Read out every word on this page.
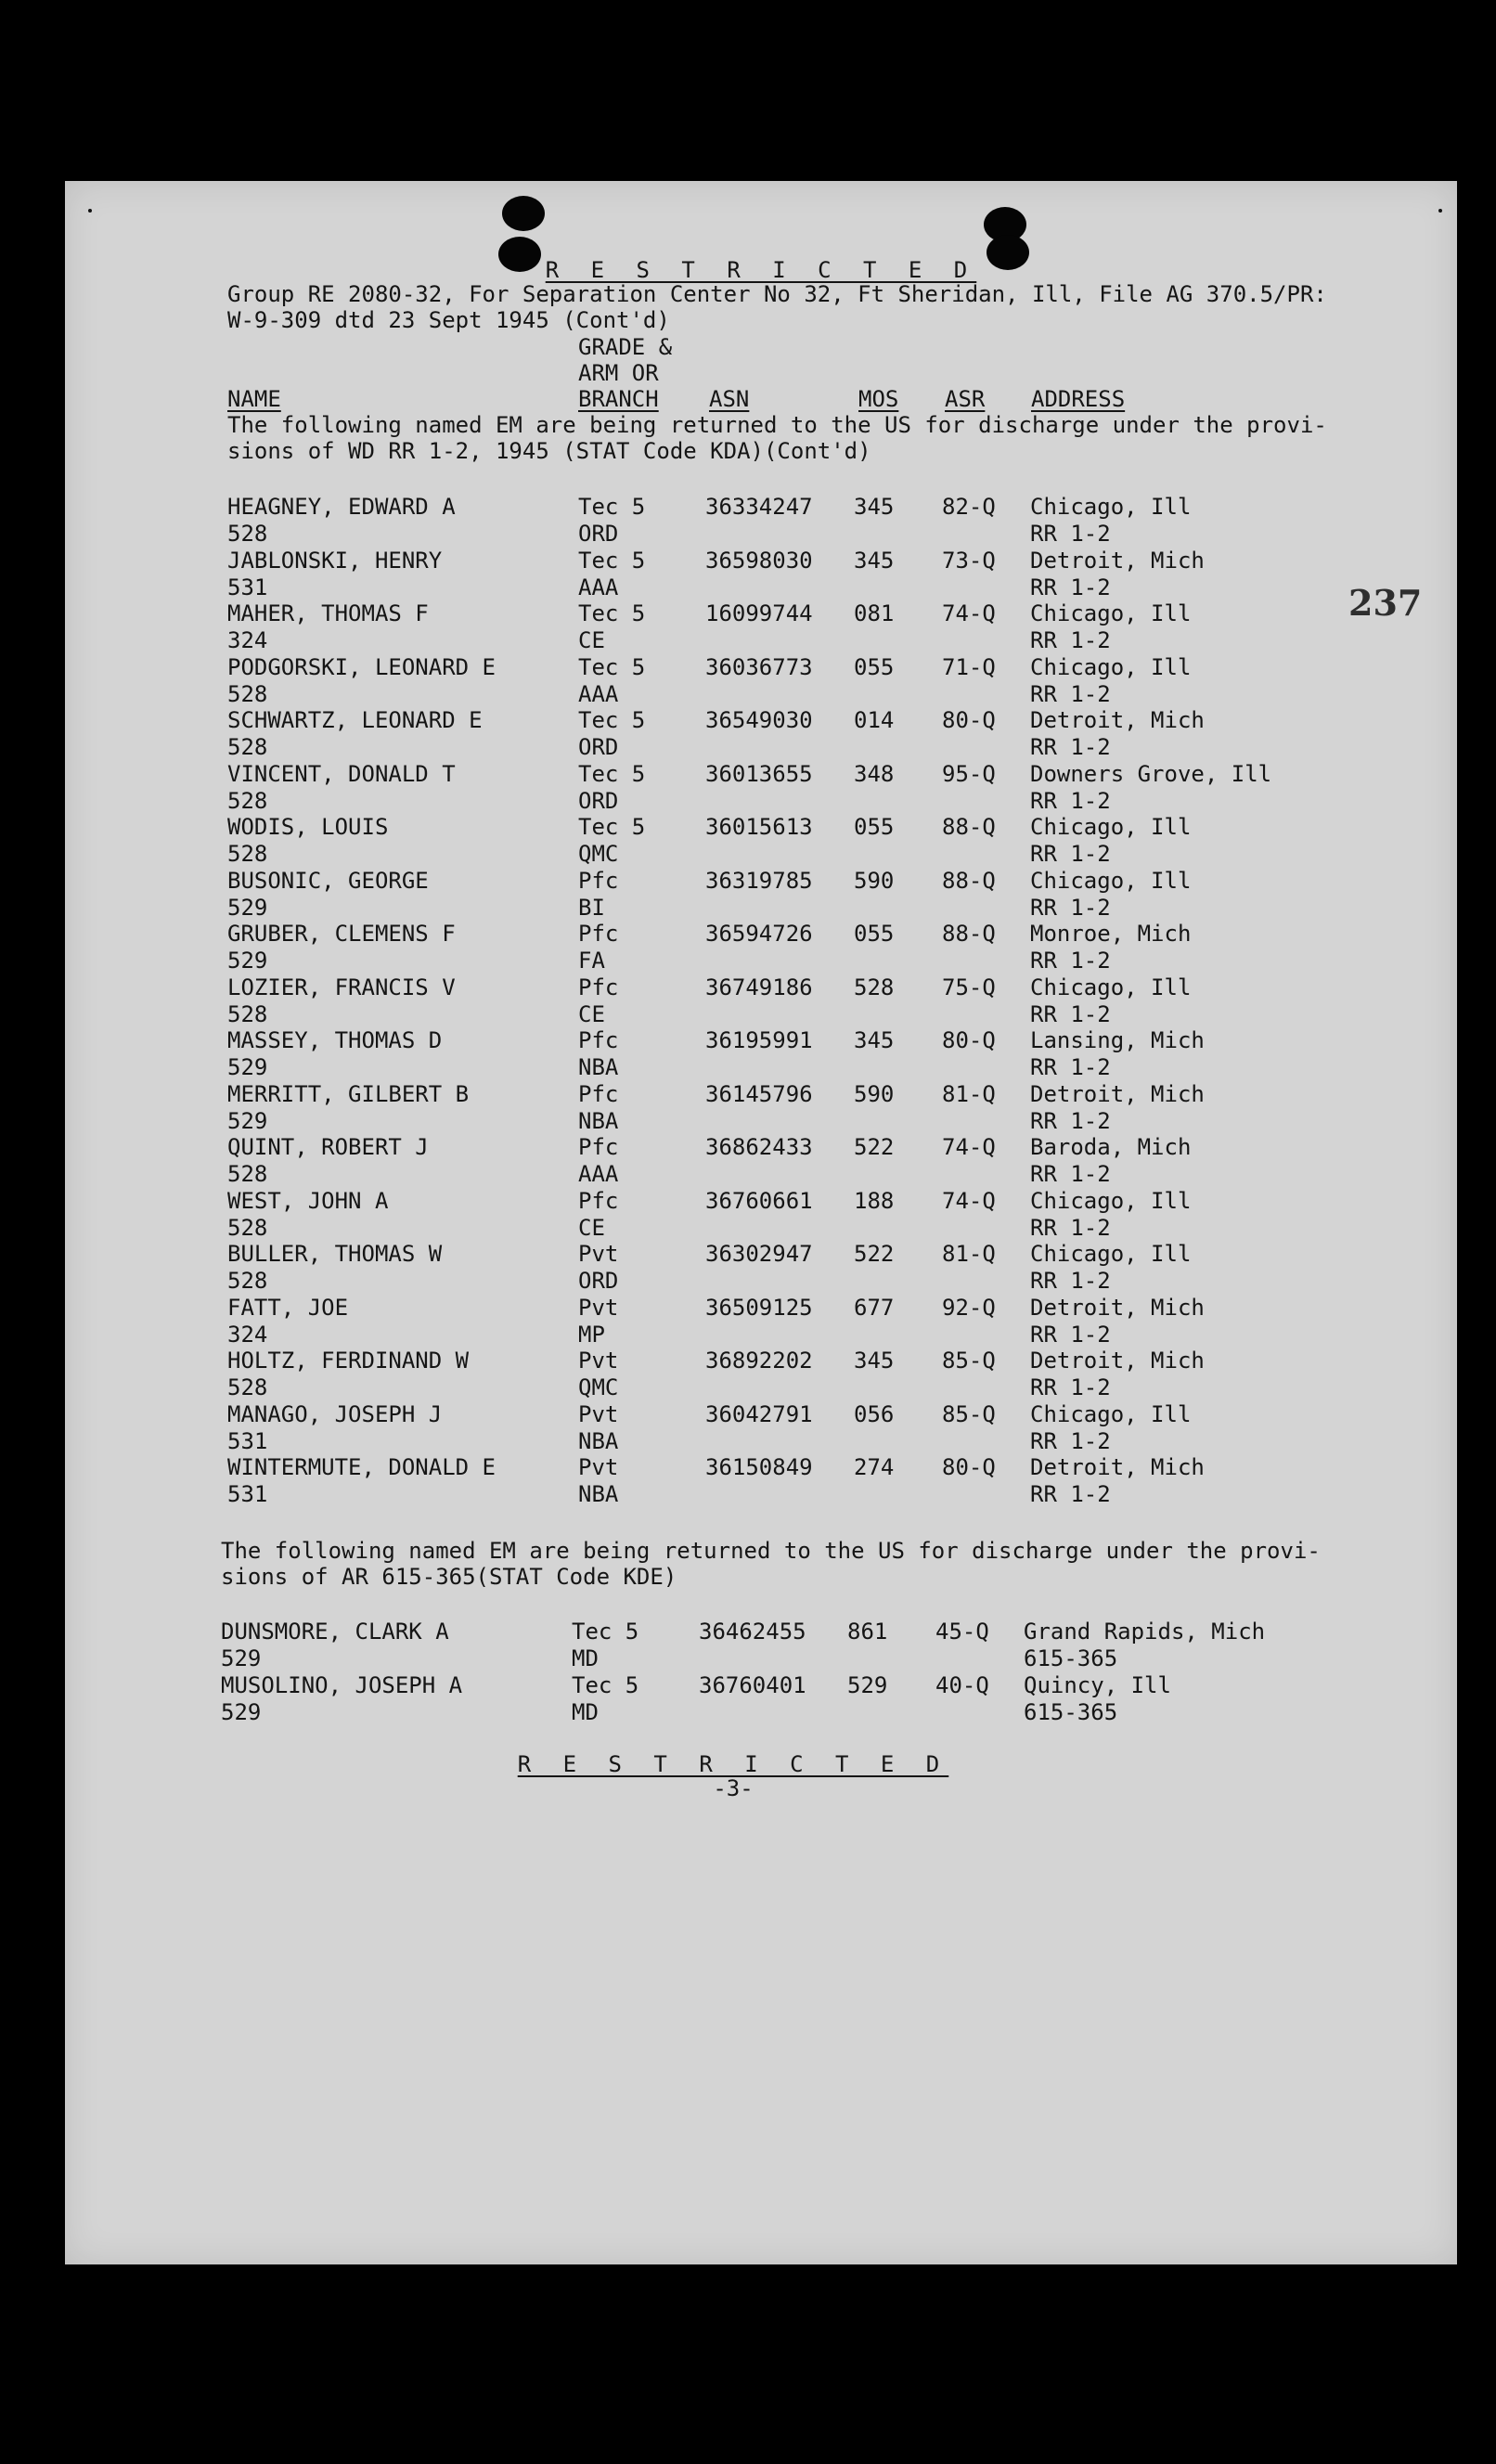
237
R E S T R I C T E D
Group RE 2080-32, For Separation Center No 32, Ft Sheridan, Ill, File AG 370.5/PR:
W-9-309 dtd 23 Sept 1945 (Cont'd)
GRADE &
ARM OR
BRANCH
NAME	ASN	MOS ASR ADDRESS
The following named EM are being returned to the US for discharge under the provi-
sions of WD RR 1-2, 1945 (STAT Code KDA)(Cont'd)
HEAGNEY, EDWARD A
528
Tec 5
ORD
36334247 345 82-Q Chicago, Ill
RR 1-2
JABLONSKI, HENRY
531
Tec 5
AAA
36598030 345 73-Q Detroit, Mich
RR 1-2
MAHER, THOMAS F
324
Tec 5
CE
16099744 081 74-Q Chicago, Ill
RR 1-2
PODGORSKI, LEONARD E
528
Tec 5
AAA
36036773 055 71-Q Chicago, Ill
RR 1-2
SCHWARTZ, LEONARD E
528
Tec 5
ORD
36549030 014 80-Q Detroit, Mich
RR 1-2
VINCENT, DONALD T
528
Tec 5
ORD
36013655 348 95-Q Downers Grove, Ill
RR 1-2
WODIS, LOUIS
528
Tec 5
QMC
36015613 055 88-Q Chicago, Ill
RR 1-2
BUSONIC, GEORGE
529
Pfc
BI
36319785 590 88-Q Chicago, Ill
RR 1-2
GRUBER, CLEMENS F
529
Pfc
FA
36594726 055 88-Q Monroe, Mich
RR 1-2
LOZIER, FRANCIS V
528
Pfc
CE
36749186 528 75-Q Chicago, Ill
RR 1-2
MASSEY, THOMAS D
529
Pfc
NBA
36195991 345 80-Q Lansing, Mich
RR 1-2
MERRITT, GILBERT B
529
Pfc
NBA
36145796 590 81-Q Detroit, Mich
RR 1-2
QUINT, ROBERT J
528
Pfc
AAA
36862433 522 74-Q Baroda, Mich
RR 1-2
WEST, JOHN A
528
Pfc
CE
36760661 188 74-Q Chicago, Ill
RR 1-2
BULLER, THOMAS W
528
Pvt
ORD
36302947 522 81-Q Chicago, Ill
RR 1-2
FATT, JOE
324
Pvt
MP
36509125 677 92-Q Detroit, Mich
RR 1-2
HOLTZ, FERDINAND W
528
Pvt
QMC
36892202 345 85-Q Detroit, Mich
RR 1-2
MANAGO, JOSEPH J
531
Pvt
NBA
36042791 056 85-Q Chicago, Ill
RR 1-2
WINTERMUTE, DONALD E
531
Pvt
NBA
36150849 274 80-Q Detroit, Mich
RR 1-2
The following named EM are being returned to the US for discharge under the provi-
sions of AR 615-365(STAT Code KDE)
DUNSMORE, CLARK A
529
Tec 5
MD
36462455 861 45-Q Grand Rapids, Mich
615-365
MUSOLINO, JOSEPH A
529
Tec 5
MD
36760401 529 40-Q Quincy, Ill
615-365
R E S T R I C T E D
-3-
